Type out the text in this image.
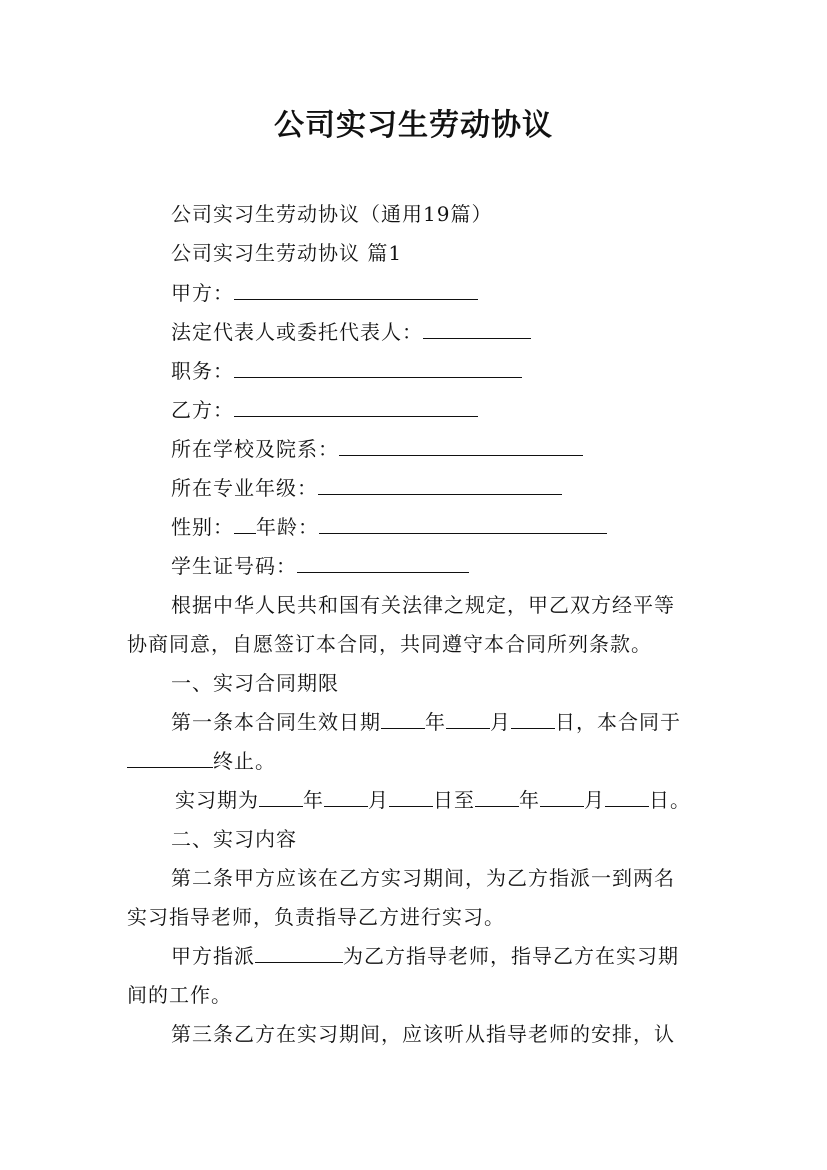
公司实习生劳动协议
公司实习生劳动协议（通用19篇）
公司实习生劳动协议 篇1
甲方：
法定代表人或委托代表人：
职务：
乙方：
所在学校及院系：
所在专业年级：
性别： 年龄：
学生证号码：
根据中华人民共和国有关法律之规定，甲乙双方经平等
协商同意，自愿签订本合同，共同遵守本合同所列条款。
一、实习合同期限
第一条本合同生效日期 年 月 日，本合同于
终止。
实习期为 年 月 日至 年 月 日。
二、实习内容
第二条甲方应该在乙方实习期间，为乙方指派一到两名
实习指导老师，负责指导乙方进行实习。
甲方指派	为乙方指导老师，指导乙方在实习期
间的工作。
第三条乙方在实习期间，应该听从指导老师的安排，认
